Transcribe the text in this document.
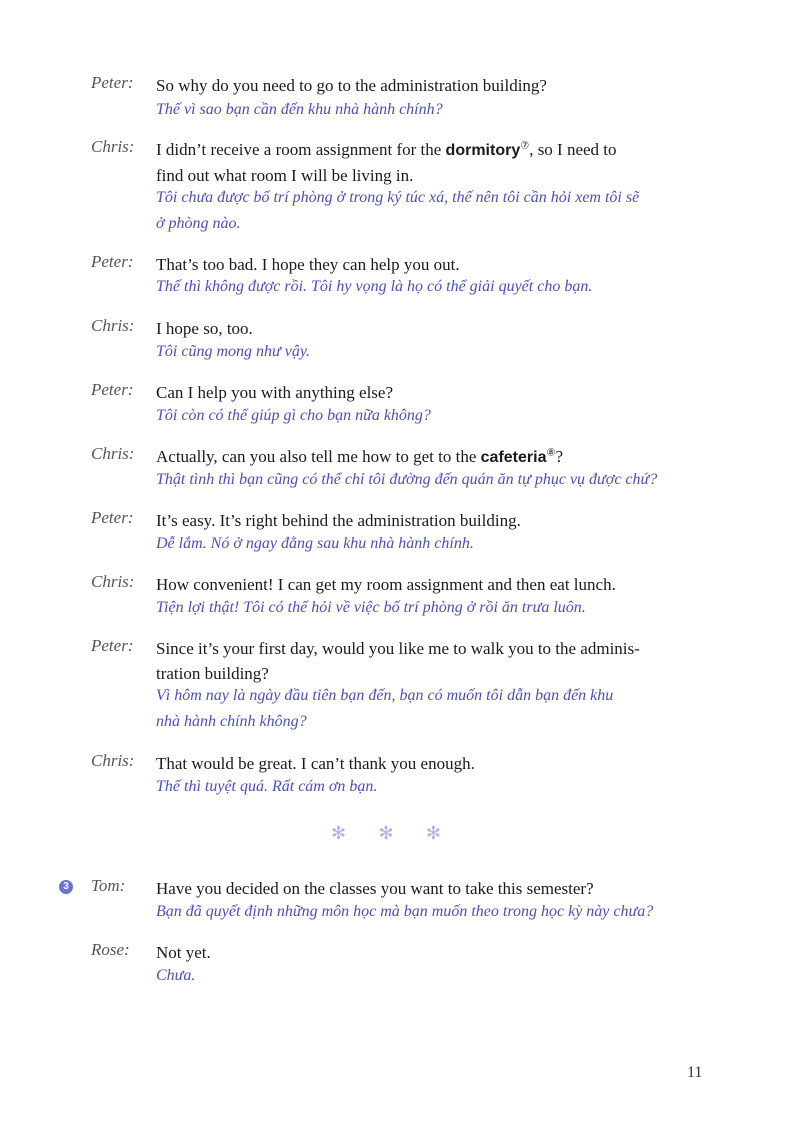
Peter: So why do you need to go to the administration building?
Thế vì sao bạn cần đến khu nhà hành chính?
Chris: I didn’t receive a room assignment for the dormitory⑦, so I need to
find out what room I will be living in.
Tôi chưa được bố trí phòng ở trong ký túc xá, thế nên tôi cần hỏi xem tôi sẽ
ở phòng nào.
Peter: That’s too bad. I hope they can help you out.
Thế thì không được rồi. Tôi hy vọng là họ có thể giải quyết cho bạn.
Chris: I hope so, too.
Tôi cũng mong như vậy.
Peter: Can I help you with anything else?
Tôi còn có thể giúp gì cho bạn nữa không?
Chris: Actually, can you also tell me how to get to the cafeteria⑧?
Thật tình thì bạn cũng có thể chỉ tôi đường đến quán ăn tự phục vụ được chứ?
Peter: It’s easy. It’s right behind the administration building.
Dễ lắm. Nó ở ngay đằng sau khu nhà hành chính.
Chris: How convenient! I can get my room assignment and then eat lunch.
Tiện lợi thật! Tôi có thể hỏi về việc bố trí phòng ở rồi ăn trưa luôn.
Peter: Since it’s your first day, would you like me to walk you to the adminis-
tration building?
Vì hôm nay là ngày đầu tiên bạn đến, bạn có muốn tôi dẫn bạn đến khu
nhà hành chính không?
Chris: That would be great. I can’t thank you enough.
Thế thì tuyệt quá. Rất cám ơn bạn.
✻ ✻ ✻
3 Tom: Have you decided on the classes you want to take this semester?
Bạn đã quyết định những môn học mà bạn muốn theo trong học kỳ này chưa?
Rose: Not yet.
Chưa.
11
